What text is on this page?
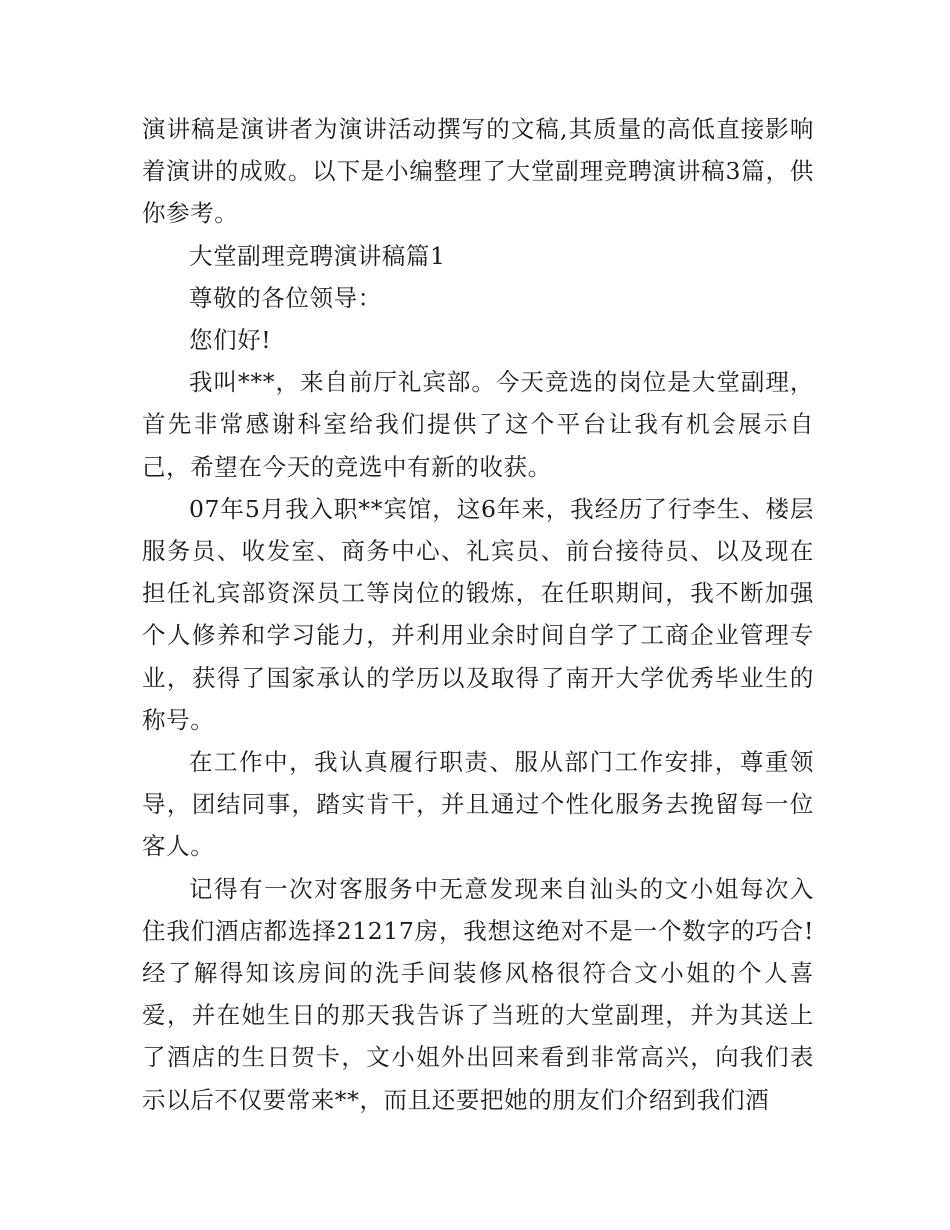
演讲稿是演讲者为演讲活动撰写的文稿,其质量的高低直接影响着演讲的成败。以下是小编整理了大堂副理竞聘演讲稿3篇，供你参考。

大堂副理竞聘演讲稿篇1

尊敬的各位领导：

您们好!

我叫***，来自前厅礼宾部。今天竞选的岗位是大堂副理，首先非常感谢科室给我们提供了这个平台让我有机会展示自己，希望在今天的竞选中有新的收获。

07年5月我入职**宾馆，这6年来，我经历了行李生、楼层服务员、收发室、商务中心、礼宾员、前台接待员、以及现在担任礼宾部资深员工等岗位的锻炼，在任职期间，我不断加强个人修养和学习能力，并利用业余时间自学了工商企业管理专业，获得了国家承认的学历以及取得了南开大学优秀毕业生的称号。

在工作中，我认真履行职责、服从部门工作安排，尊重领导，团结同事，踏实肯干，并且通过个性化服务去挽留每一位客人。

记得有一次对客服务中无意发现来自汕头的文小姐每次入住我们酒店都选择21217房，我想这绝对不是一个数字的巧合!经了解得知该房间的洗手间装修风格很符合文小姐的个人喜爱，并在她生日的那天我告诉了当班的大堂副理，并为其送上了酒店的生日贺卡，文小姐外出回来看到非常高兴，向我们表示以后不仅要常来**，而且还要把她的朋友们介绍到我们酒
